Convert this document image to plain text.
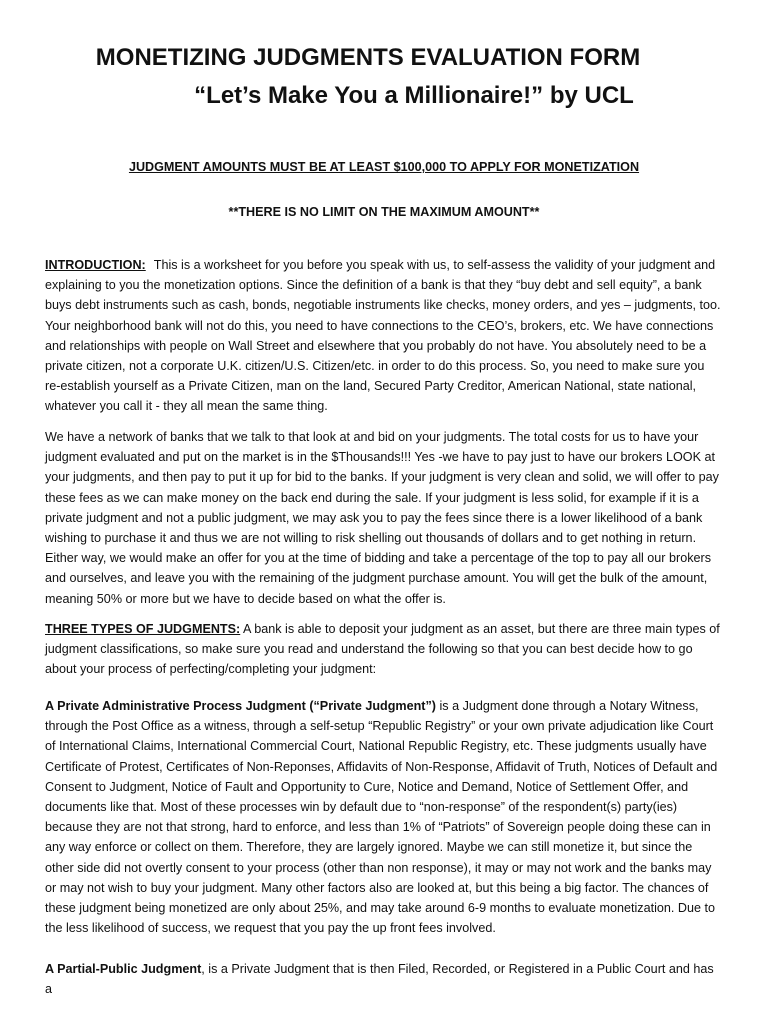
MONETIZING JUDGMENTS EVALUATION FORM
“Let’s Make You a Millionaire!” by UCL

JUDGMENT AMOUNTS MUST BE AT LEAST $100,000 TO APPLY FOR MONETIZATION

**THERE IS NO LIMIT ON THE MAXIMUM AMOUNT**

INTRODUCTION: This is a worksheet for you before you speak with us, to self-assess the validity of your judgment and explaining to you the monetization options. Since the definition of a bank is that they “buy debt and sell equity”, a bank buys debt instruments such as cash, bonds, negotiable instruments like checks, money orders, and yes – judgments, too. Your neighborhood bank will not do this, you need to have connections to the CEO’s, brokers, etc. We have connections and relationships with people on Wall Street and elsewhere that you probably do not have. You absolutely need to be a private citizen, not a corporate U.K. citizen/U.S. Citizen/etc. in order to do this process. So, you need to make sure you re-establish yourself as a Private Citizen, man on the land, Secured Party Creditor, American National, state national, whatever you call it - they all mean the same thing.

We have a network of banks that we talk to that look at and bid on your judgments. The total costs for us to have your judgment evaluated and put on the market is in the $Thousands!!! Yes -we have to pay just to have our brokers LOOK at your judgments, and then pay to put it up for bid to the banks. If your judgment is very clean and solid, we will offer to pay these fees as we can make money on the back end during the sale. If your judgment is less solid, for example if it is a private judgment and not a public judgment, we may ask you to pay the fees since there is a lower likelihood of a bank wishing to purchase it and thus we are not willing to risk shelling out thousands of dollars and to get nothing in return. Either way, we would make an offer for you at the time of bidding and take a percentage of the top to pay all our brokers and ourselves, and leave you with the remaining of the judgment purchase amount. You will get the bulk of the amount, meaning 50% or more but we have to decide based on what the offer is.

THREE TYPES OF JUDGMENTS: A bank is able to deposit your judgment as an asset, but there are three main types of judgment classifications, so make sure you read and understand the following so that you can best decide how to go about your process of perfecting/completing your judgment:

A Private Administrative Process Judgment (“Private Judgment”) is a Judgment done through a Notary Witness, through the Post Office as a witness, through a self-setup “Republic Registry” or your own private adjudication like Court of International Claims, International Commercial Court, National Republic Registry, etc. These judgments usually have Certificate of Protest, Certificates of Non-Reponses, Affidavits of Non-Response, Affidavit of Truth, Notices of Default and Consent to Judgment, Notice of Fault and Opportunity to Cure, Notice and Demand, Notice of Settlement Offer, and documents like that. Most of these processes win by default due to “non-response” of the respondent(s) party(ies) because they are not that strong, hard to enforce, and less than 1% of “Patriots” of Sovereign people doing these can in any way enforce or collect on them. Therefore, they are largely ignored. Maybe we can still monetize it, but since the other side did not overtly consent to your process (other than non response), it may or may not work and the banks may or may not wish to buy your judgment. Many other factors also are looked at, but this being a big factor. The chances of these judgment being monetized are only about 25%, and may take around 6-9 months to evaluate monetization. Due to the less likelihood of success, we request that you pay the up front fees involved.

A Partial-Public Judgment, is a Private Judgment that is then Filed, Recorded, or Registered in a Public Court and has a
